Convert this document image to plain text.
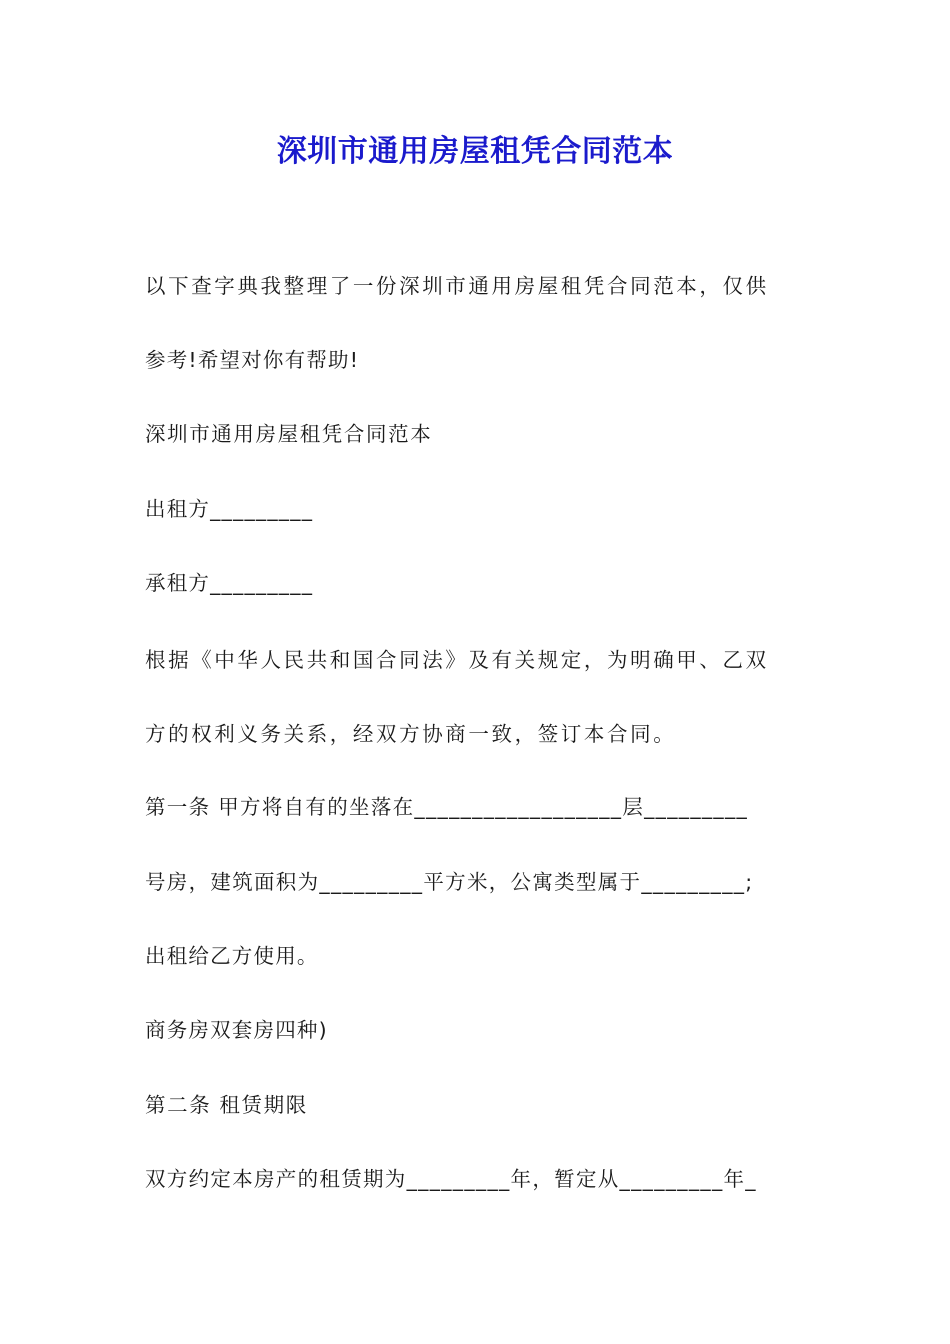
深圳市通用房屋租凭合同范本

以下查字典我整理了一份深圳市通用房屋租凭合同范本，仅供

参考!希望对你有帮助!

深圳市通用房屋租凭合同范本

出租方_________

承租方_________

根据《中华人民共和国合同法》及有关规定，为明确甲、乙双

方的权利义务关系，经双方协商一致，签订本合同。

第一条 甲方将自有的坐落在__________________层_________

号房，建筑面积为_________平方米，公寓类型属于_________;

出租给乙方使用。

商务房双套房四种)

第二条 租赁期限

双方约定本房产的租赁期为_________年，暂定从_________年_
